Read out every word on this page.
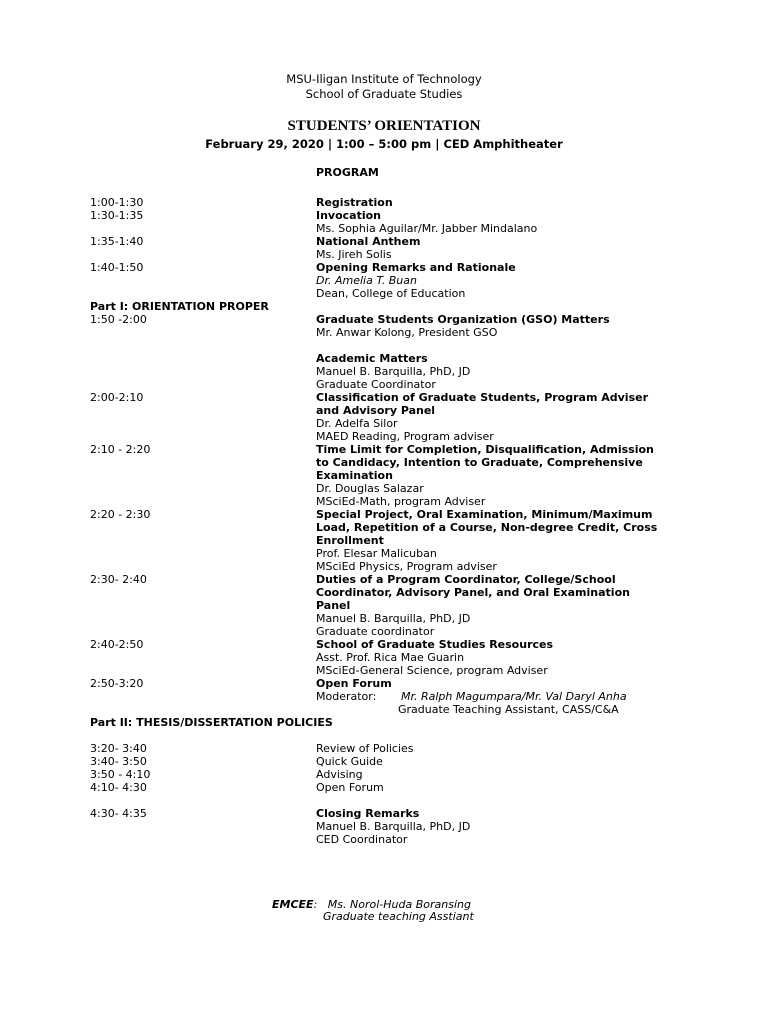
MSU-Iligan Institute of Technology
School of Graduate Studies
STUDENTS’ ORIENTATION
February 29, 2020 | 1:00 – 5:00 pm | CED Amphitheater
PROGRAM
1:00-1:30	Registration
1:30-1:35	Invocation
Ms. Sophia Aguilar/Mr. Jabber Mindalano
1:35-1:40	National Anthem
Ms. Jireh Solis
1:40-1:50	Opening Remarks and Rationale
Dr. Amelia T. Buan
Dean, College of Education
Part I: ORIENTATION PROPER
1:50 -2:00	Graduate Students Organization (GSO) Matters
Mr. Anwar Kolong, President GSO
Academic Matters
Manuel B. Barquilla, PhD, JD
Graduate Coordinator
2:00-2:10	Classification of Graduate Students, Program Adviser
and Advisory Panel
Dr. Adelfa Silor
MAED Reading, Program adviser
2:10 - 2:20	Time Limit for Completion, Disqualification, Admission
to Candidacy, Intention to Graduate, Comprehensive
Examination
Dr. Douglas Salazar
MSciEd-Math, program Adviser
2:20 - 2:30	Special Project, Oral Examination, Minimum/Maximum
Load, Repetition of a Course, Non-degree Credit, Cross
Enrollment
Prof. Elesar Malicuban
MSciEd Physics, Program adviser
2:30- 2:40	Duties of a Program Coordinator, College/School
Coordinator, Advisory Panel, and Oral Examination
Panel
Manuel B. Barquilla, PhD, JD
Graduate coordinator
2:40-2:50	School of Graduate Studies Resources
Asst. Prof. Rica Mae Guarin
MSciEd-General Science, program Adviser
2:50-3:20	Open Forum
Moderator: Mr. Ralph Magumpara/Mr. Val Daryl Anha
Graduate Teaching Assistant, CASS/C&A
Part II: THESIS/DISSERTATION POLICIES
3:20- 3:40	Review of Policies
3:40- 3:50	Quick Guide
3:50 - 4:10	Advising
4:10- 4:30	Open Forum
4:30- 4:35	Closing Remarks
Manuel B. Barquilla, PhD, JD
CED Coordinator
EMCEE: Ms. Norol-Huda Boransing
Graduate teaching Asstiant
